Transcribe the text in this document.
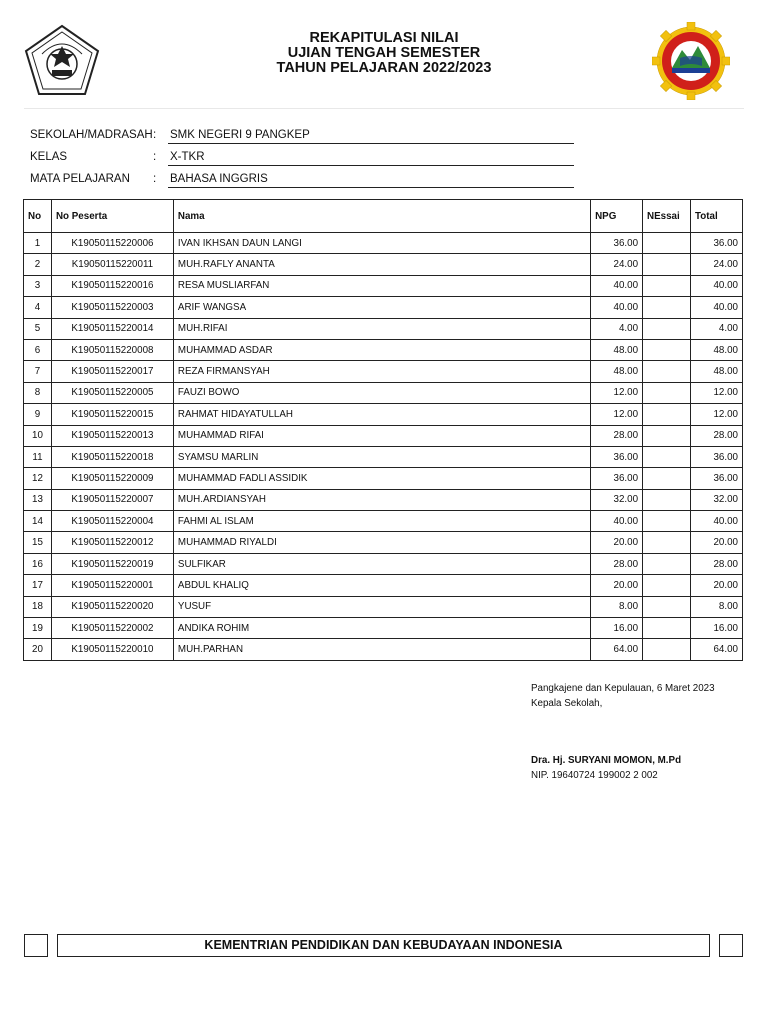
REKAPITULASI NILAI
UJIAN TENGAH SEMESTER
TAHUN PELAJARAN 2022/2023
SEKOLAH/MADRASAH : SMK NEGERI 9 PANGKEP
KELAS	: X-TKR
MATA PELAJARAN	: BAHASA INGGRIS
No	No Peserta	Nama	NPG	NEssai	Total
1	K19050115220006	IVAN IKHSAN DAUN LANGI	36.00		36.00
2	K19050115220011	MUH.RAFLY ANANTA	24.00		24.00
3	K19050115220016	RESA MUSLIARFAN	40.00		40.00
4	K19050115220003	ARIF WANGSA	40.00		40.00
5	K19050115220014	MUH.RIFAI	4.00		4.00
6	K19050115220008	MUHAMMAD ASDAR	48.00		48.00
7	K19050115220017	REZA FIRMANSYAH	48.00		48.00
8	K19050115220005	FAUZI BOWO	12.00		12.00
9	K19050115220015	RAHMAT HIDAYATULLAH	12.00		12.00
10	K19050115220013	MUHAMMAD RIFAI	28.00		28.00
11	K19050115220018	SYAMSU MARLIN	36.00		36.00
12	K19050115220009	MUHAMMAD FADLI ASSIDIK	36.00		36.00
13	K19050115220007	MUH.ARDIANSYAH	32.00		32.00
14	K19050115220004	FAHMI AL ISLAM	40.00		40.00
15	K19050115220012	MUHAMMAD RIYALDI	20.00		20.00
16	K19050115220019	SULFIKAR	28.00		28.00
17	K19050115220001	ABDUL KHALIQ	20.00		20.00
18	K19050115220020	YUSUF	8.00		8.00
19	K19050115220002	ANDIKA ROHIM	16.00		16.00
20	K19050115220010	MUH.PARHAN	64.00		64.00
Pangkajene dan Kepulauan, 6 Maret 2023
Kepala Sekolah,
Dra. Hj. SURYANI MOMON, M.Pd
NIP. 19640724 199002 2 002
KEMENTRIAN PENDIDIKAN DAN KEBUDAYAAN INDONESIA
